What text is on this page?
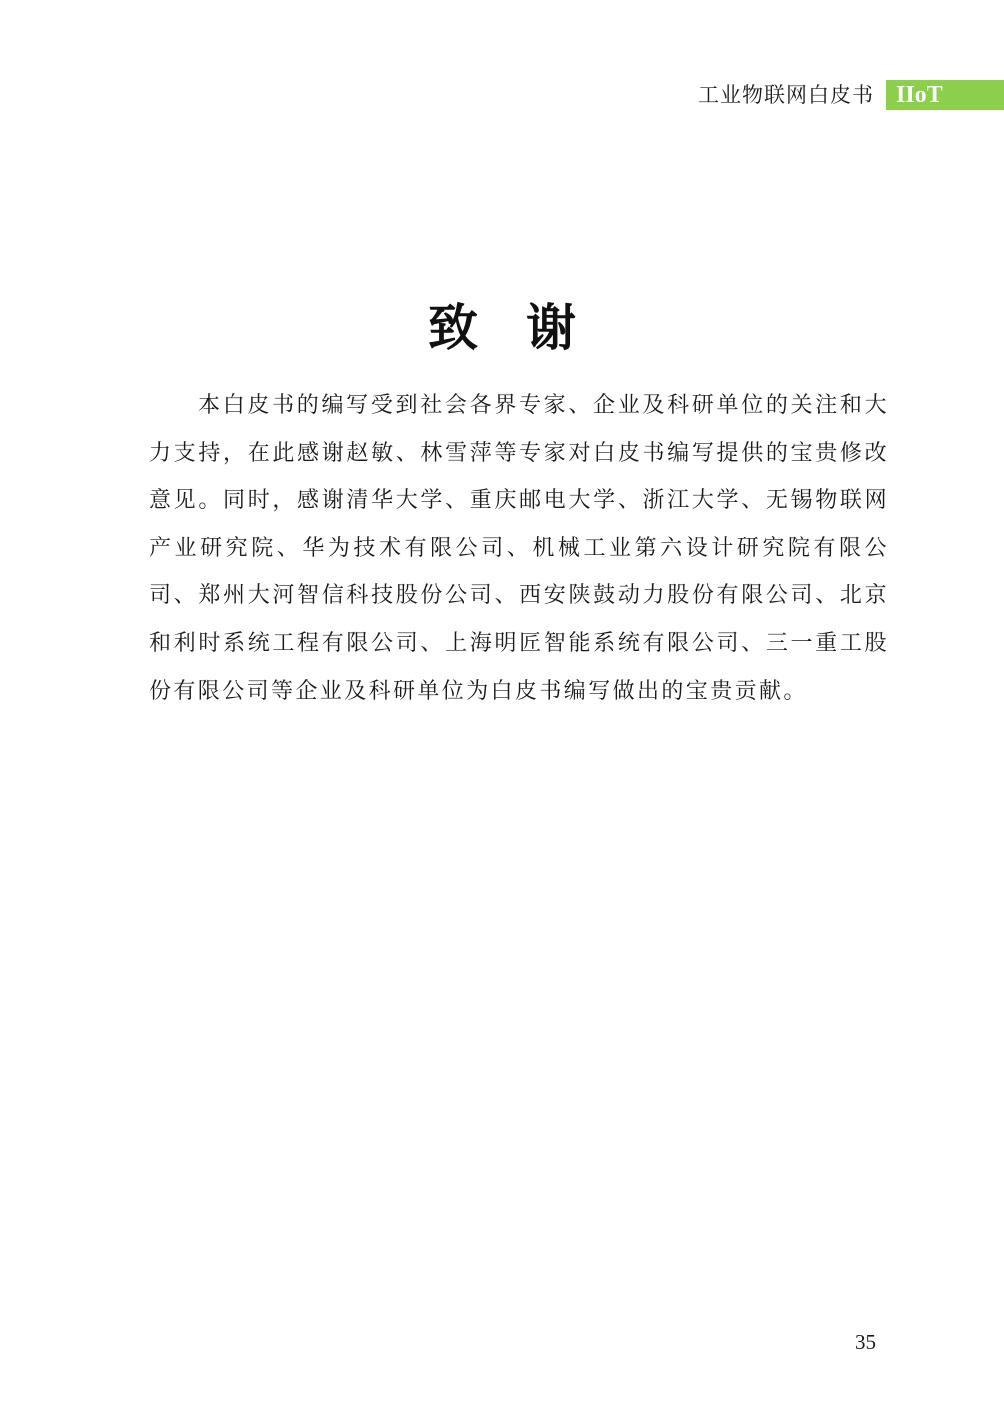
工业物联网白皮书 IIoT
致谢

本白皮书的编写受到社会各界专家、企业及科研单位的关注和大力支持，在此感谢赵敏、林雪萍等专家对白皮书编写提供的宝贵修改意见。同时，感谢清华大学、重庆邮电大学、浙江大学、无锡物联网产业研究院、华为技术有限公司、机械工业第六设计研究院有限公司、郑州大河智信科技股份公司、西安陕鼓动力股份有限公司、北京和利时系统工程有限公司、上海明匠智能系统有限公司、三一重工股份有限公司等企业及科研单位为白皮书编写做出的宝贵贡献。

35
